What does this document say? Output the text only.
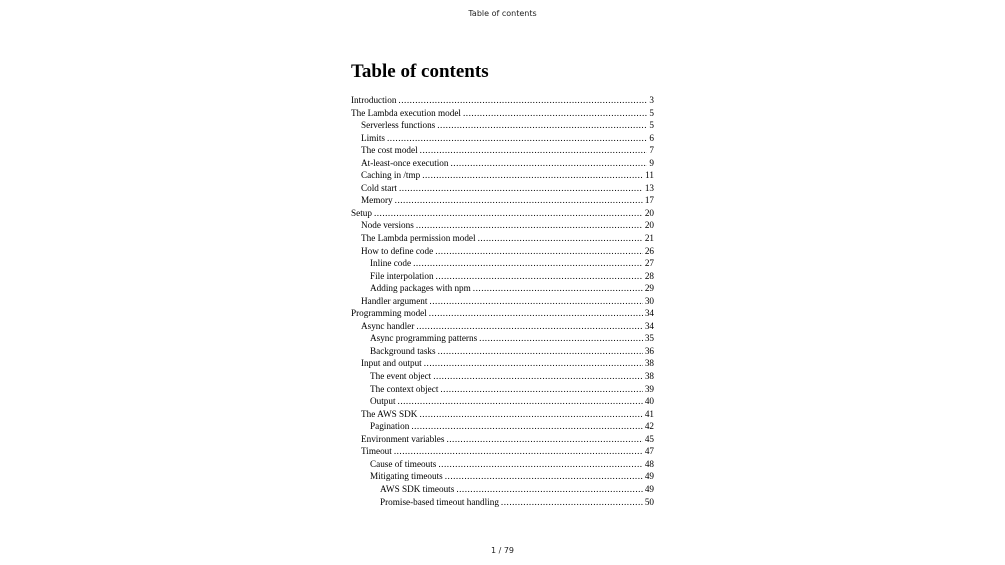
Table of contents
Table of contents
Introduction .....	3
The Lambda execution model .....	5
Serverless functions .....	5
Limits .....	6
The cost model .....	7
At-least-once execution .....	9
Caching in /tmp .....	11
Cold start .....	13
Memory .....	17
Setup .....	20
Node versions .....	20
The Lambda permission model .....	21
How to define code .....	26
Inline code .....	27
File interpolation .....	28
Adding packages with npm .....	29
Handler argument .....	30
Programming model .....	34
Async handler .....	34
Async programming patterns .....	35
Background tasks .....	36
Input and output .....	38
The event object .....	38
The context object .....	39
Output .....	40
The AWS SDK .....	41
Pagination .....	42
Environment variables .....	45
Timeout .....	47
Cause of timeouts .....	48
Mitigating timeouts .....	49
AWS SDK timeouts .....	49
Promise-based timeout handling .....	50
1 / 79
